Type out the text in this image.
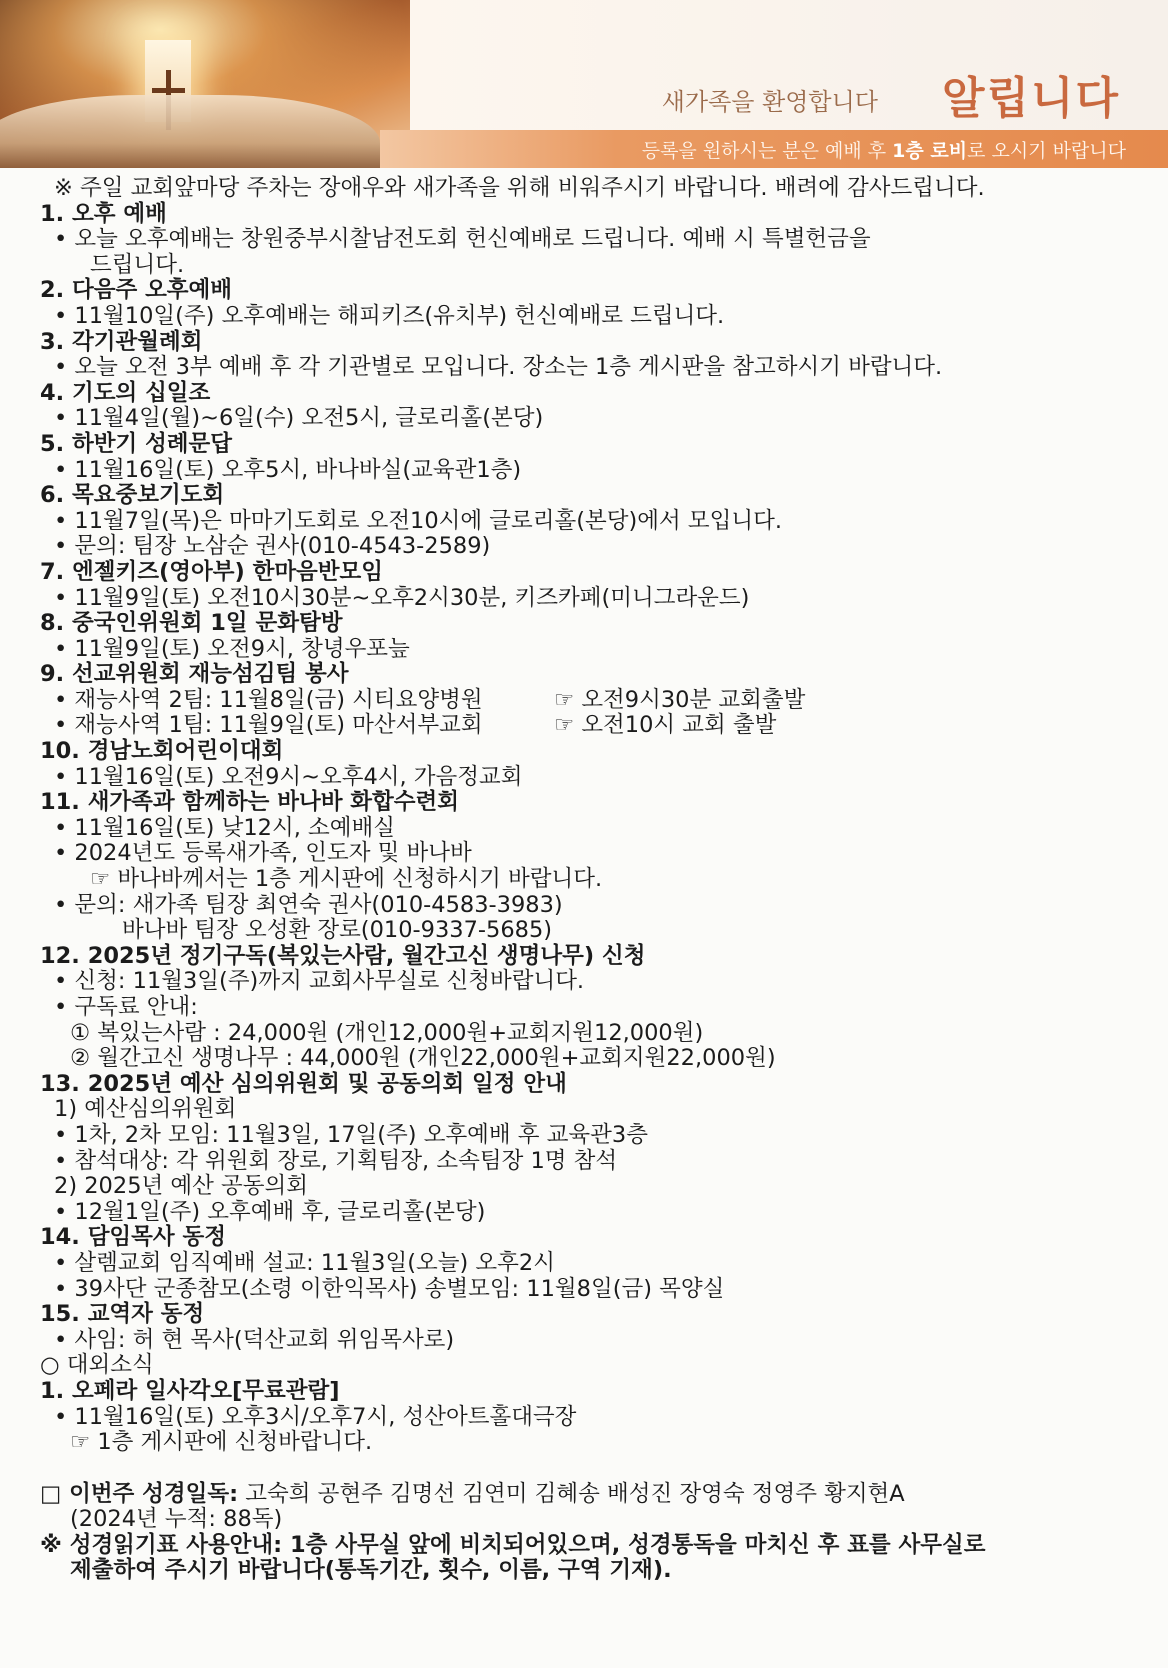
새가족을 환영합니다 알립니다
등록을 원하시는 분은 예배 후 1층 로비로 오시기 바랍니다
※ 주일 교회앞마당 주차는 장애우와 새가족을 위해 비워주시기 바랍니다. 배려에 감사드립니다.
1. 오후 예배
• 오늘 오후예배는 창원중부시찰남전도회 헌신예배로 드립니다. 예배 시 특별헌금을
드립니다.
2. 다음주 오후예배
• 11월10일(주) 오후예배는 해피키즈(유치부) 헌신예배로 드립니다.
3. 각기관월례회
• 오늘 오전 3부 예배 후 각 기관별로 모입니다. 장소는 1층 게시판을 참고하시기 바랍니다.
4. 기도의 십일조
• 11월4일(월)~6일(수) 오전5시, 글로리홀(본당)
5. 하반기 성례문답
• 11월16일(토) 오후5시, 바나바실(교육관1층)
6. 목요중보기도회
• 11월7일(목)은 마마기도회로 오전10시에 글로리홀(본당)에서 모입니다.
• 문의: 팀장 노삼순 권사(010-4543-2589)
7. 엔젤키즈(영아부) 한마음반모임
• 11월9일(토) 오전10시30분~오후2시30분, 키즈카페(미니그라운드)
8. 중국인위원회 1일 문화탐방
• 11월9일(토) 오전9시, 창녕우포늪
9. 선교위원회 재능섬김팀 봉사
• 재능사역 2팀: 11월8일(금) 시티요양병원	☞ 오전9시30분 교회출발
• 재능사역 1팀: 11월9일(토) 마산서부교회	☞ 오전10시 교회 출발
10. 경남노회어린이대회
• 11월16일(토) 오전9시~오후4시, 가음정교회
11. 새가족과 함께하는 바나바 화합수련회
• 11월16일(토) 낮12시, 소예배실
• 2024년도 등록새가족, 인도자 및 바나바
☞ 바나바께서는 1층 게시판에 신청하시기 바랍니다.
• 문의: 새가족 팀장 최연숙 권사(010-4583-3983)
바나바 팀장 오성환 장로(010-9337-5685)
12. 2025년 정기구독(복있는사람, 월간고신 생명나무) 신청
• 신청: 11월3일(주)까지 교회사무실로 신청바랍니다.
• 구독료 안내:
① 복있는사람 : 24,000원 (개인12,000원+교회지원12,000원)
② 월간고신 생명나무 : 44,000원 (개인22,000원+교회지원22,000원)
13. 2025년 예산 심의위원회 및 공동의회 일정 안내
1) 예산심의위원회
• 1차, 2차 모임: 11월3일, 17일(주) 오후예배 후 교육관3층
• 참석대상: 각 위원회 장로, 기획팀장, 소속팀장 1명 참석
2) 2025년 예산 공동의회
• 12월1일(주) 오후예배 후, 글로리홀(본당)
14. 담임목사 동정
• 살렘교회 임직예배 설교: 11월3일(오늘) 오후2시
• 39사단 군종참모(소령 이한익목사) 송별모임: 11월8일(금) 목양실
15. 교역자 동정
• 사임: 허 현 목사(덕산교회 위임목사로)
○ 대외소식
1. 오페라 일사각오[무료관람]
• 11월16일(토) 오후3시/오후7시, 성산아트홀대극장
☞ 1층 게시판에 신청바랍니다.
□ 이번주 성경일독: 고숙희 공현주 김명선 김연미 김혜송 배성진 장영숙 정영주 황지현A
(2024년 누적: 88독)
※ 성경읽기표 사용안내: 1층 사무실 앞에 비치되어있으며, 성경통독을 마치신 후 표를 사무실로
제출하여 주시기 바랍니다(통독기간, 횟수, 이름, 구역 기재).
